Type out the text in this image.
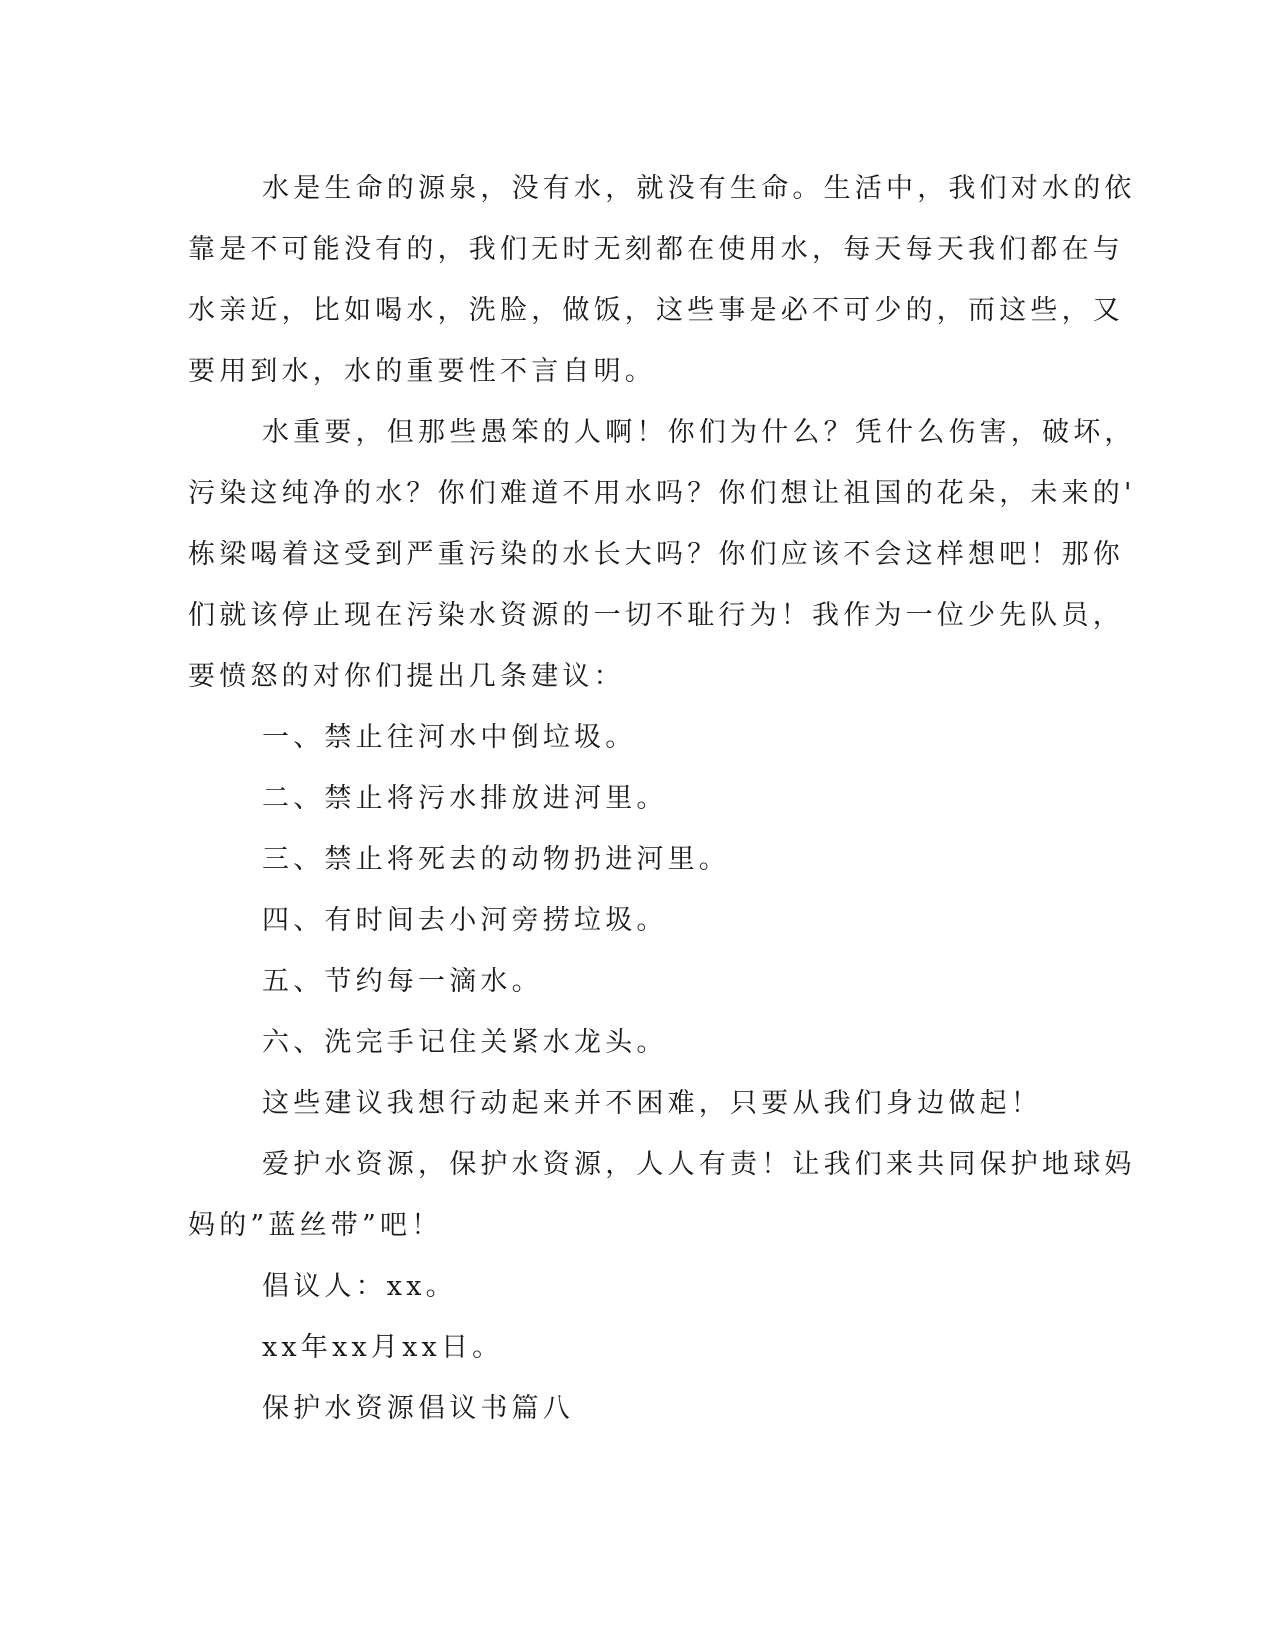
水是生命的源泉，没有水，就没有生命。生活中，我们对水的依
靠是不可能没有的，我们无时无刻都在使用水，每天每天我们都在与
水亲近，比如喝水，洗脸，做饭，这些事是必不可少的，而这些，又
要用到水，水的重要性不言自明。

水重要，但那些愚笨的人啊！你们为什么？凭什么伤害，破坏，
污染这纯净的水？你们难道不用水吗？你们想让祖国的花朵，未来的'
栋梁喝着这受到严重污染的水长大吗？你们应该不会这样想吧！那你
们就该停止现在污染水资源的一切不耻行为！我作为一位少先队员，
要愤怒的对你们提出几条建议：

一、禁止往河水中倒垃圾。

二、禁止将污水排放进河里。

三、禁止将死去的动物扔进河里。

四、有时间去小河旁捞垃圾。

五、节约每一滴水。

六、洗完手记住关紧水龙头。

这些建议我想行动起来并不困难，只要从我们身边做起！

爱护水资源，保护水资源，人人有责！让我们来共同保护地球妈
妈的”蓝丝带”吧！

倡议人：xx。

xx年xx月xx日。

保护水资源倡议书篇八
